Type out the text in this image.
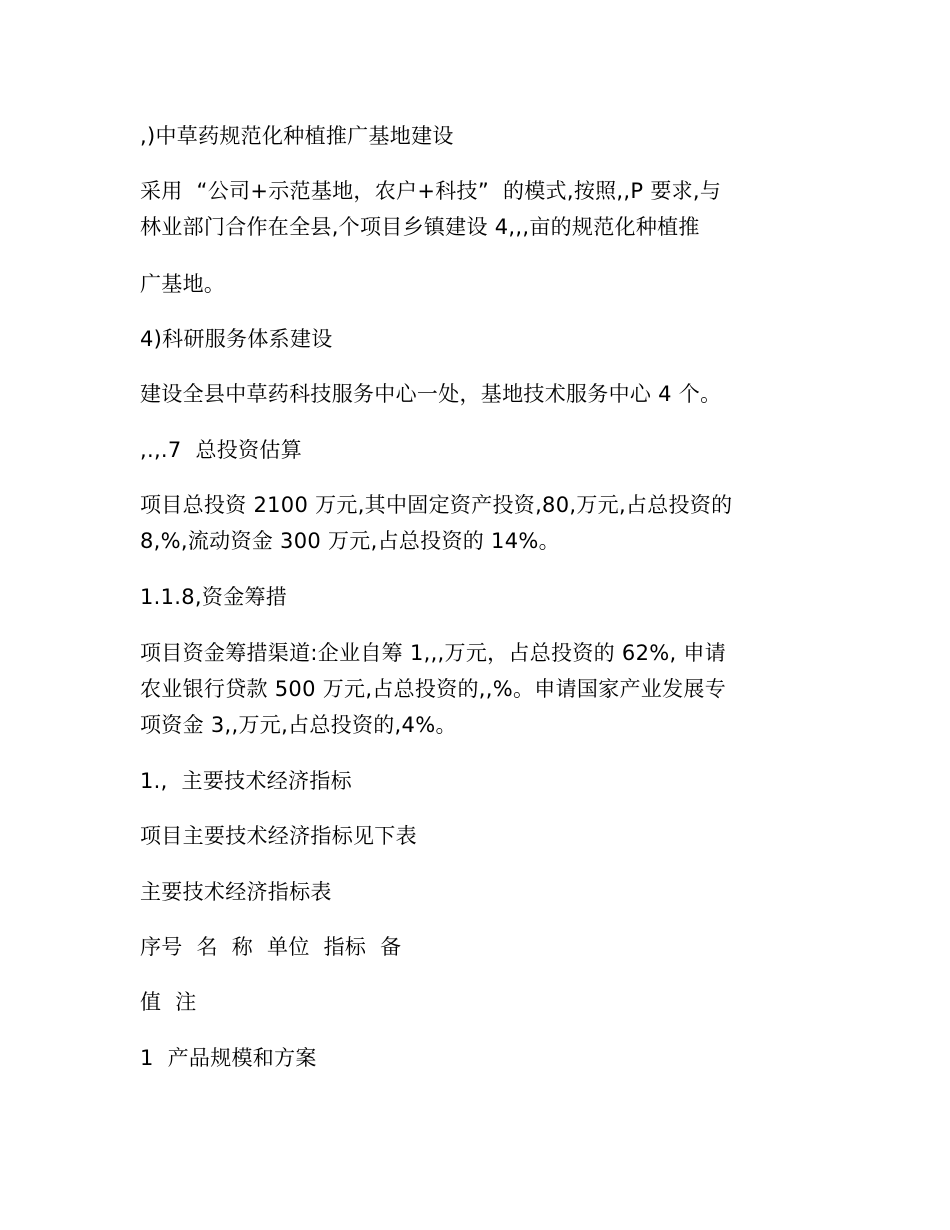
,)中草药规范化种植推广基地建设

采用  “公司+示范基地，农户+科技”  的模式,按照,,P 要求,与
林业部门合作在全县,个项目乡镇建设 4,,,亩的规范化种植推

广基地。

4)科研服务体系建设

建设全县中草药科技服务中心一处，基地技术服务中心 4 个。

,.,.7  总投资估算

项目总投资 2100 万元,其中固定资产投资,80,万元,占总投资的
8,%,流动资金 300 万元,占总投资的 14%。

1.1.8,资金筹措

项目资金筹措渠道:企业自筹 1,,,万元，占总投资的 62%, 申请
农业银行贷款 500 万元,占总投资的,,%。申请国家产业发展专
项资金 3,,万元,占总投资的,4%。

1.,  主要技术经济指标

项目主要技术经济指标见下表

主要技术经济指标表

序号  名  称  单位  指标  备

值  注

1  产品规模和方案
